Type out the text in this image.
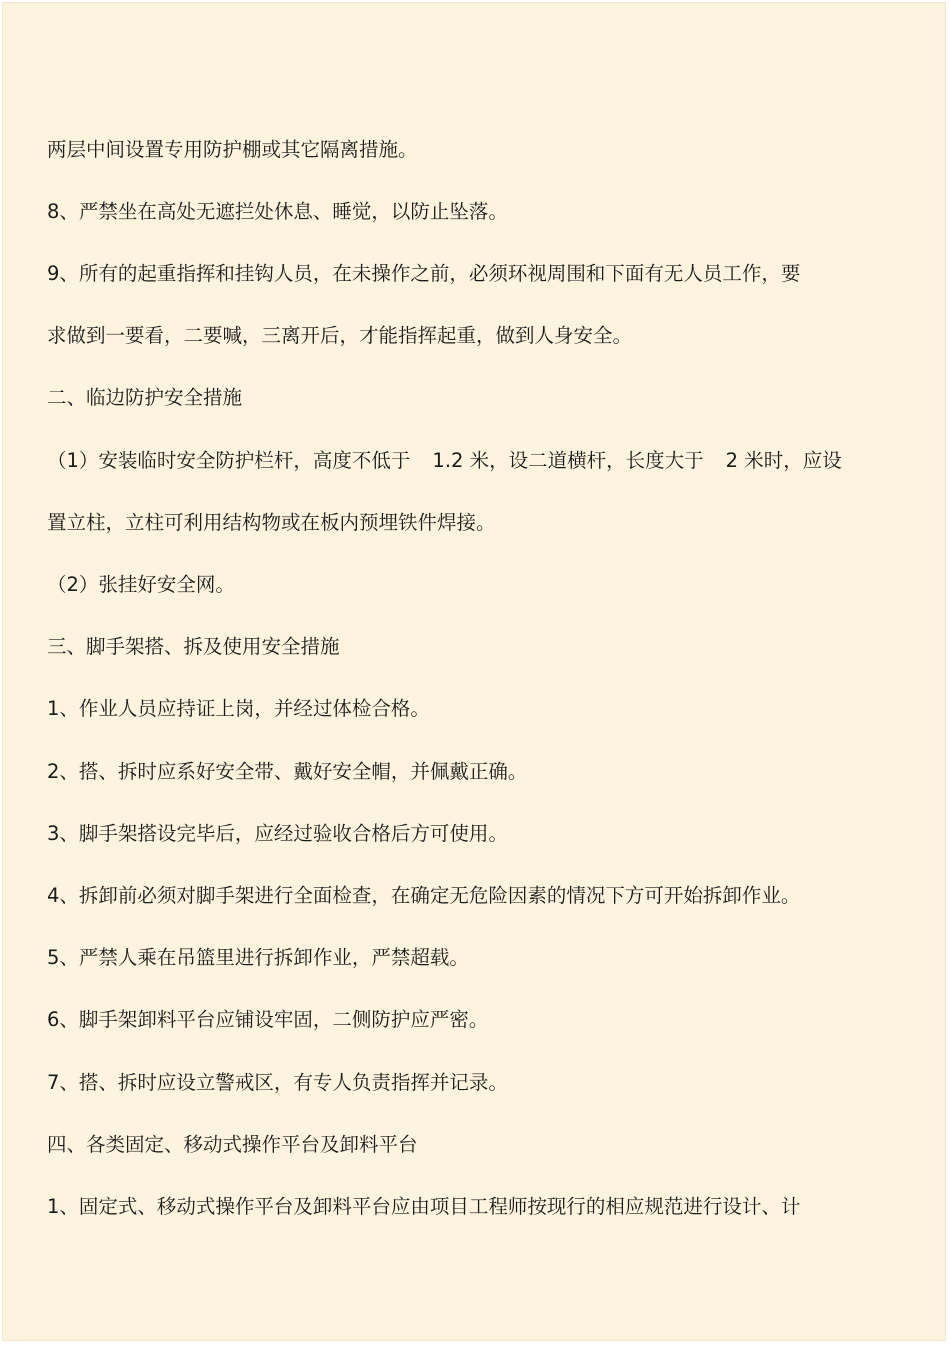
两层中间设置专用防护棚或其它隔离措施。

8、严禁坐在高处无遮拦处休息、睡觉，以防止坠落。

9、所有的起重指挥和挂钩人员，在未操作之前，必须环视周围和下面有无人员工作，要

求做到一要看，二要喊，三离开后，才能指挥起重，做到人身安全。

二、临边防护安全措施

（1）安装临时安全防护栏杆，高度不低于 1.2 米，设二道横杆，长度大于 2 米时，应设

置立柱，立柱可利用结构物或在板内预埋铁件焊接。

（2）张挂好安全网。

三、脚手架搭、拆及使用安全措施

1、作业人员应持证上岗，并经过体检合格。

2、搭、拆时应系好安全带、戴好安全帽，并佩戴正确。

3、脚手架搭设完毕后，应经过验收合格后方可使用。

4、拆卸前必须对脚手架进行全面检查，在确定无危险因素的情况下方可开始拆卸作业。

5、严禁人乘在吊篮里进行拆卸作业，严禁超载。

6、脚手架卸料平台应铺设牢固，二侧防护应严密。

7、搭、拆时应设立警戒区，有专人负责指挥并记录。

四、各类固定、移动式操作平台及卸料平台

1、固定式、移动式操作平台及卸料平台应由项目工程师按现行的相应规范进行设计、计
